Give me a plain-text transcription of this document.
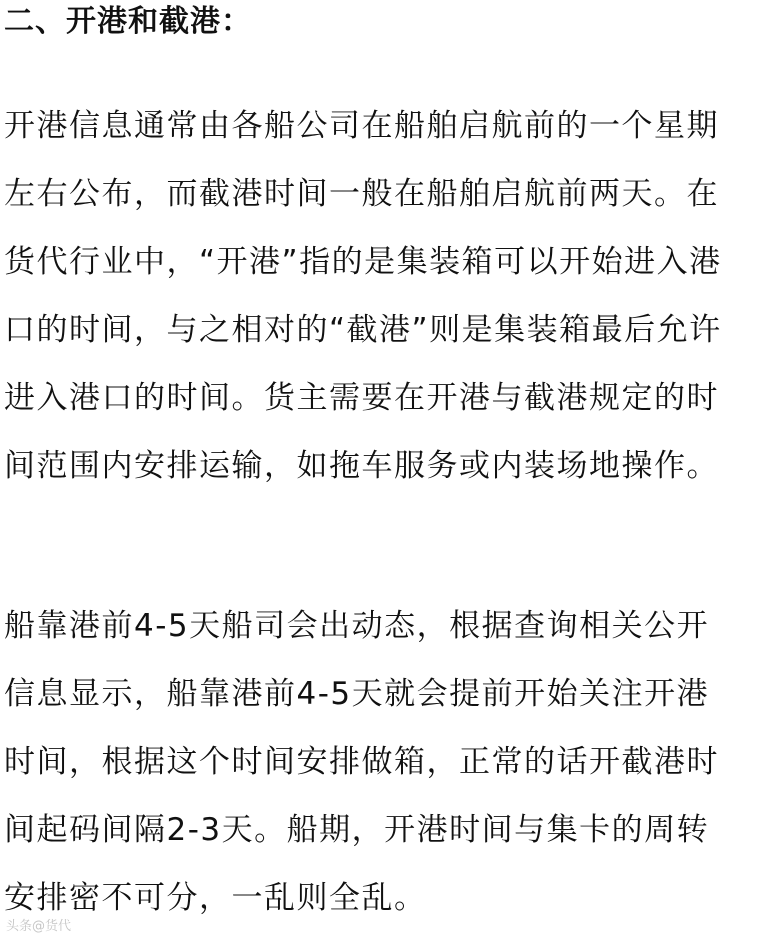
二、开港和截港：
开港信息通常由各船公司在船舶启航前的一个星期
左右公布，而截港时间一般在船舶启航前两天。在
货代行业中，“开港”指的是集装箱可以开始进入港
口的时间，与之相对的“截港”则是集装箱最后允许
进入港口的时间。货主需要在开港与截港规定的时
间范围内安排运输，如拖车服务或内装场地操作。
船靠港前4-5天船司会出动态，根据查询相关公开
信息显示，船靠港前4-5天就会提前开始关注开港
时间，根据这个时间安排做箱，正常的话开截港时
间起码间隔2-3天。船期，开港时间与集卡的周转
安排密不可分，一乱则全乱。
头条@货代
